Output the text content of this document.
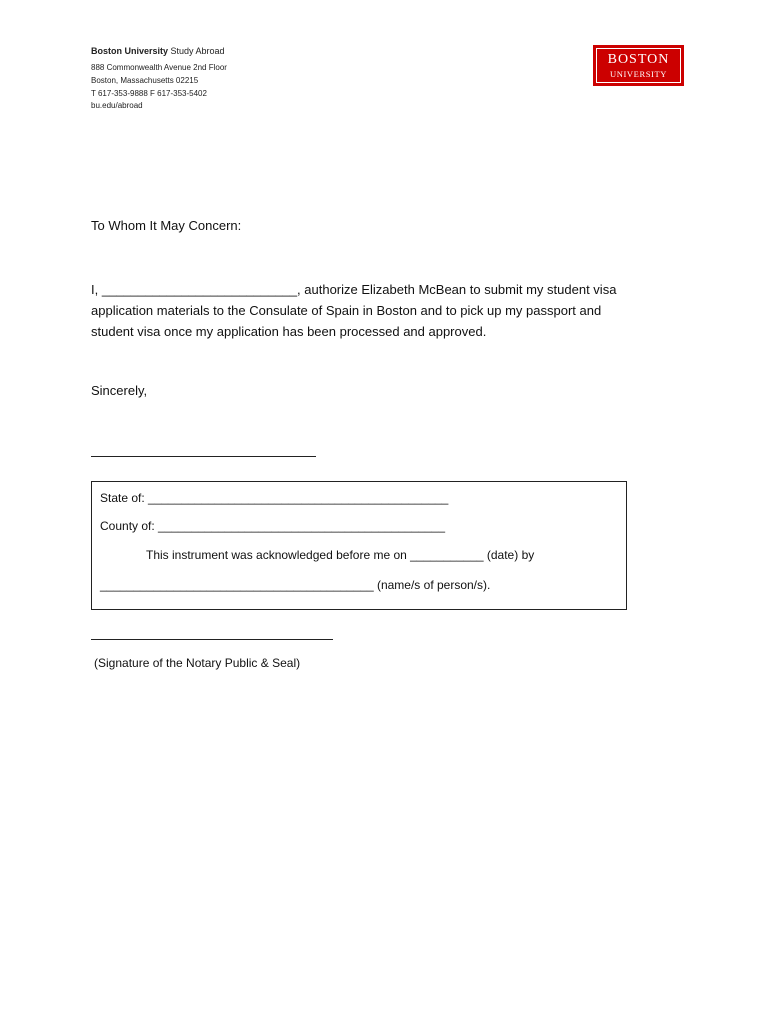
Boston University Study Abroad
888 Commonwealth Avenue 2nd Floor
Boston, Massachusetts 02215
T 617-353-9888 F 617-353-5402
bu.edu/abroad
BOSTON
UNIVERSITY
To Whom It May Concern:
I, ___________________________, authorize Elizabeth McBean to submit my student visa
application materials to the Consulate of Spain in Boston and to pick up my passport and
student visa once my application has been processed and approved.
Sincerely,
State of: _____________________________________________
County of: ___________________________________________
This instrument was acknowledged before me on ___________ (date) by
_________________________________________ (name/s of person/s).
(Signature of the Notary Public & Seal)
